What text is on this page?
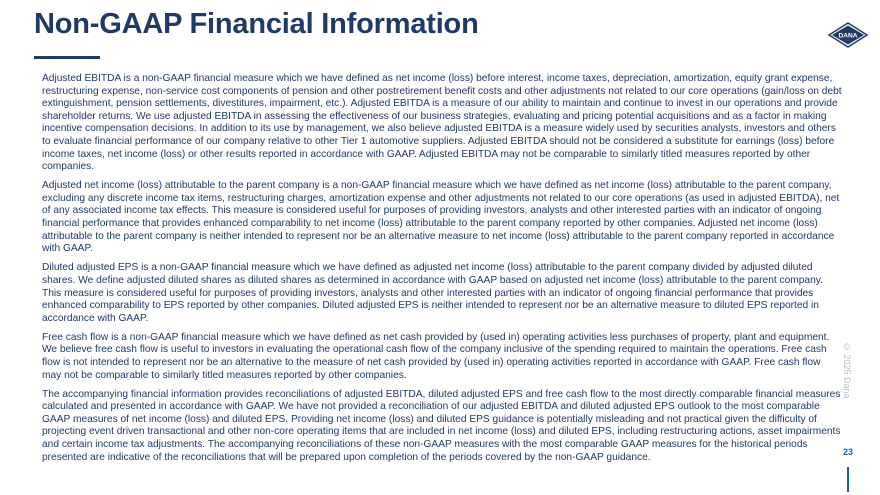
Non-GAAP Financial Information	DANA

Adjusted EBITDA is a non-GAAP financial measure which we have defined as net income (loss) before interest, income taxes, depreciation, amortization, equity grant expense, restructuring expense, non-service cost components of pension and other postretirement benefit costs and other adjustments not related to our core operations (gain/loss on debt extinguishment, pension settlements, divestitures, impairment, etc.). Adjusted EBITDA is a measure of our ability to maintain and continue to invest in our operations and provide shareholder returns. We use adjusted EBITDA in assessing the effectiveness of our business strategies, evaluating and pricing potential acquisitions and as a factor in making incentive compensation decisions. In addition to its use by management, we also believe adjusted EBITDA is a measure widely used by securities analysts, investors and others to evaluate financial performance of our company relative to other Tier 1 automotive suppliers. Adjusted EBITDA should not be considered a substitute for earnings (loss) before income taxes, net income (loss) or other results reported in accordance with GAAP. Adjusted EBITDA may not be comparable to similarly titled measures reported by other companies.

Adjusted net income (loss) attributable to the parent company is a non-GAAP financial measure which we have defined as net income (loss) attributable to the parent company, excluding any discrete income tax items, restructuring charges, amortization expense and other adjustments not related to our core operations (as used in adjusted EBITDA), net of any associated income tax effects. This measure is considered useful for purposes of providing investors, analysts and other interested parties with an indicator of ongoing financial performance that provides enhanced comparability to net income (loss) attributable to the parent company reported by other companies. Adjusted net income (loss) attributable to the parent company is neither intended to represent nor be an alternative measure to net income (loss) attributable to the parent company reported in accordance with GAAP.

Diluted adjusted EPS is a non-GAAP financial measure which we have defined as adjusted net income (loss) attributable to the parent company divided by adjusted diluted shares. We define adjusted diluted shares as diluted shares as determined in accordance with GAAP based on adjusted net income (loss) attributable to the parent company. This measure is considered useful for purposes of providing investors, analysts and other interested parties with an indicator of ongoing financial performance that provides enhanced comparability to EPS reported by other companies. Diluted adjusted EPS is neither intended to represent nor be an alternative measure to diluted EPS reported in accordance with GAAP.

Free cash flow is a non-GAAP financial measure which we have defined as net cash provided by (used in) operating activities less purchases of property, plant and equipment. We believe free cash flow is useful to investors in evaluating the operational cash flow of the company inclusive of the spending required to maintain the operations. Free cash flow is not intended to represent nor be an alternative to the measure of net cash provided by (used in) operating activities reported in accordance with GAAP. Free cash flow may not be comparable to similarly titled measures reported by other companies.

The accompanying financial information provides reconciliations of adjusted EBITDA, diluted adjusted EPS and free cash flow to the most directly comparable financial measures calculated and presented in accordance with GAAP. We have not provided a reconciliation of our adjusted EBITDA and diluted adjusted EPS outlook to the most comparable GAAP measures of net income (loss) and diluted EPS. Providing net income (loss) and diluted EPS guidance is potentially misleading and not practical given the difficulty of projecting event driven transactional and other non-core operating items that are included in net income (loss) and diluted EPS, including restructuring actions, asset impairments and certain income tax adjustments. The accompanying reconciliations of these non-GAAP measures with the most comparable GAAP measures for the historical periods presented are indicative of the reconciliations that will be prepared upon completion of the periods covered by the non-GAAP guidance.

© 2025 Dana
23
